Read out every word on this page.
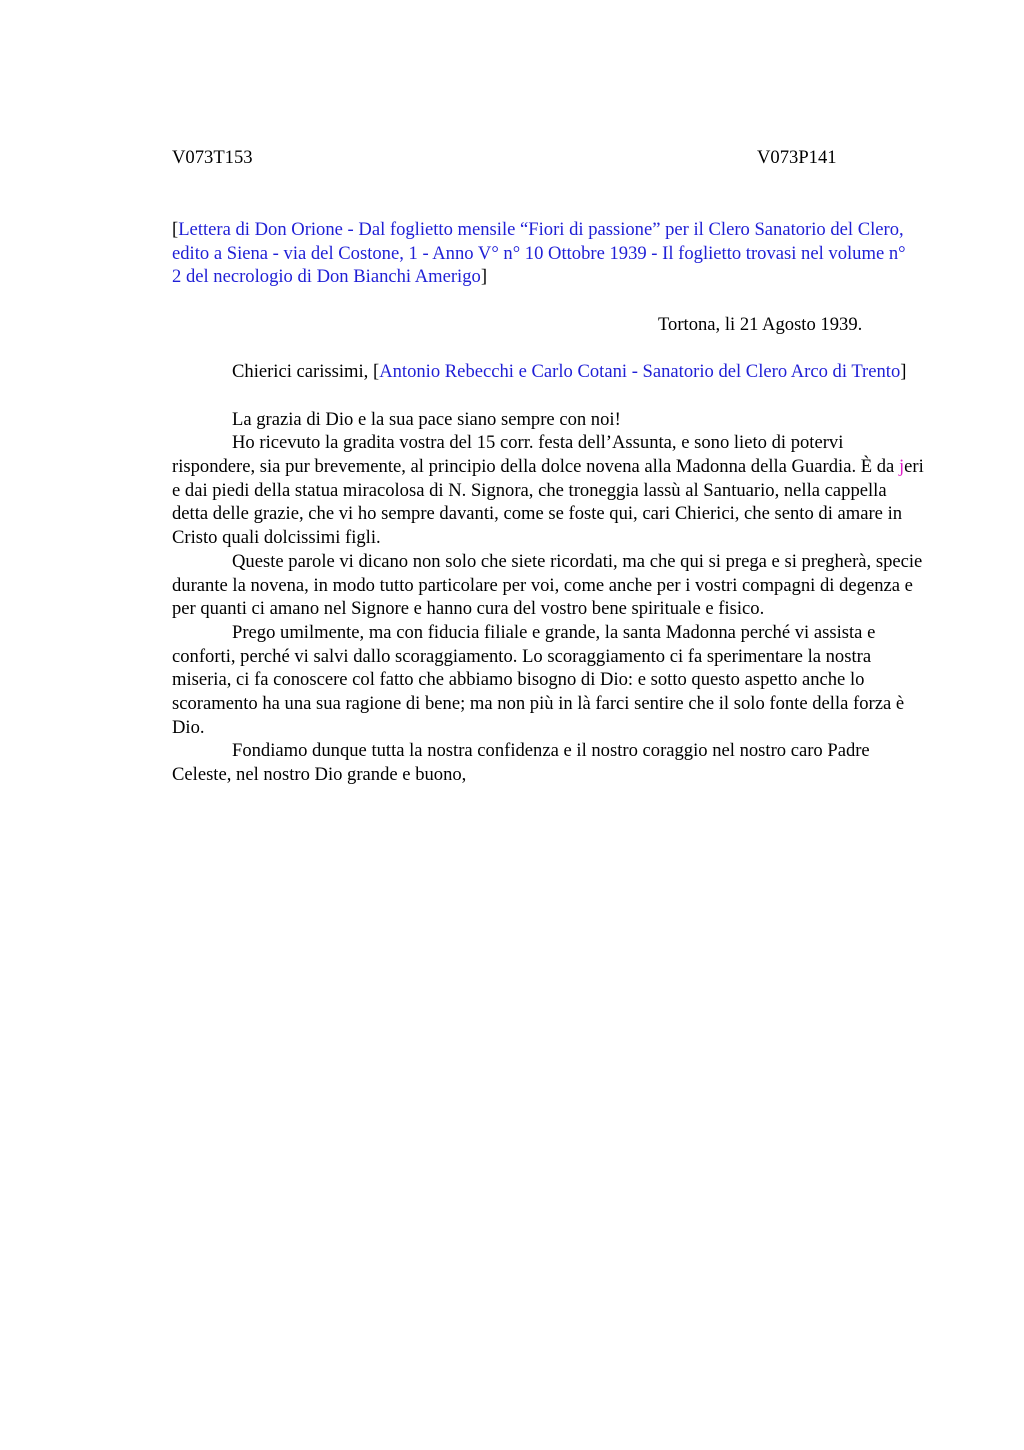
V073T153	V073P141

[Lettera di Don Orione - Dal foglietto mensile “Fiori di passione” per il Clero Sanatorio del Clero, edito a Siena - via del Costone, 1 - Anno V° n° 10 Ottobre 1939 - Il foglietto trovasi nel volume n° 2 del necrologio di Don Bianchi Amerigo]

Tortona, li 21 Agosto 1939.

Chierici carissimi, [Antonio Rebecchi e Carlo Cotani - Sanatorio del Clero Arco di Trento]

La grazia di Dio e la sua pace siano sempre con noi!

Ho ricevuto la gradita vostra del 15 corr. festa dell’Assunta, e sono lieto di potervi rispondere, sia pur brevemente, al principio della dolce novena alla Madonna della Guardia. È da jeri e dai piedi della statua miracolosa di N. Signora, che troneggia lassù al Santuario, nella cappella detta delle grazie, che vi ho sempre davanti, come se foste qui, cari Chierici, che sento di amare in Cristo quali dolcissimi figli.

Queste parole vi dicano non solo che siete ricordati, ma che qui si prega e si pregherà, specie durante la novena, in modo tutto particolare per voi, come anche per i vostri compagni di degenza e per quanti ci amano nel Signore e hanno cura del vostro bene spirituale e fisico.

Prego umilmente, ma con fiducia filiale e grande, la santa Madonna perché vi assista e conforti, perché vi salvi dallo scoraggiamento. Lo scoraggiamento ci fa sperimentare la nostra miseria, ci fa conoscere col fatto che abbiamo bisogno di Dio: e sotto questo aspetto anche lo scoramento ha una sua ragione di bene; ma non più in là farci sentire che il solo fonte della forza è Dio.

Fondiamo dunque tutta la nostra confidenza e il nostro coraggio nel nostro caro Padre Celeste, nel nostro Dio grande e buono,
